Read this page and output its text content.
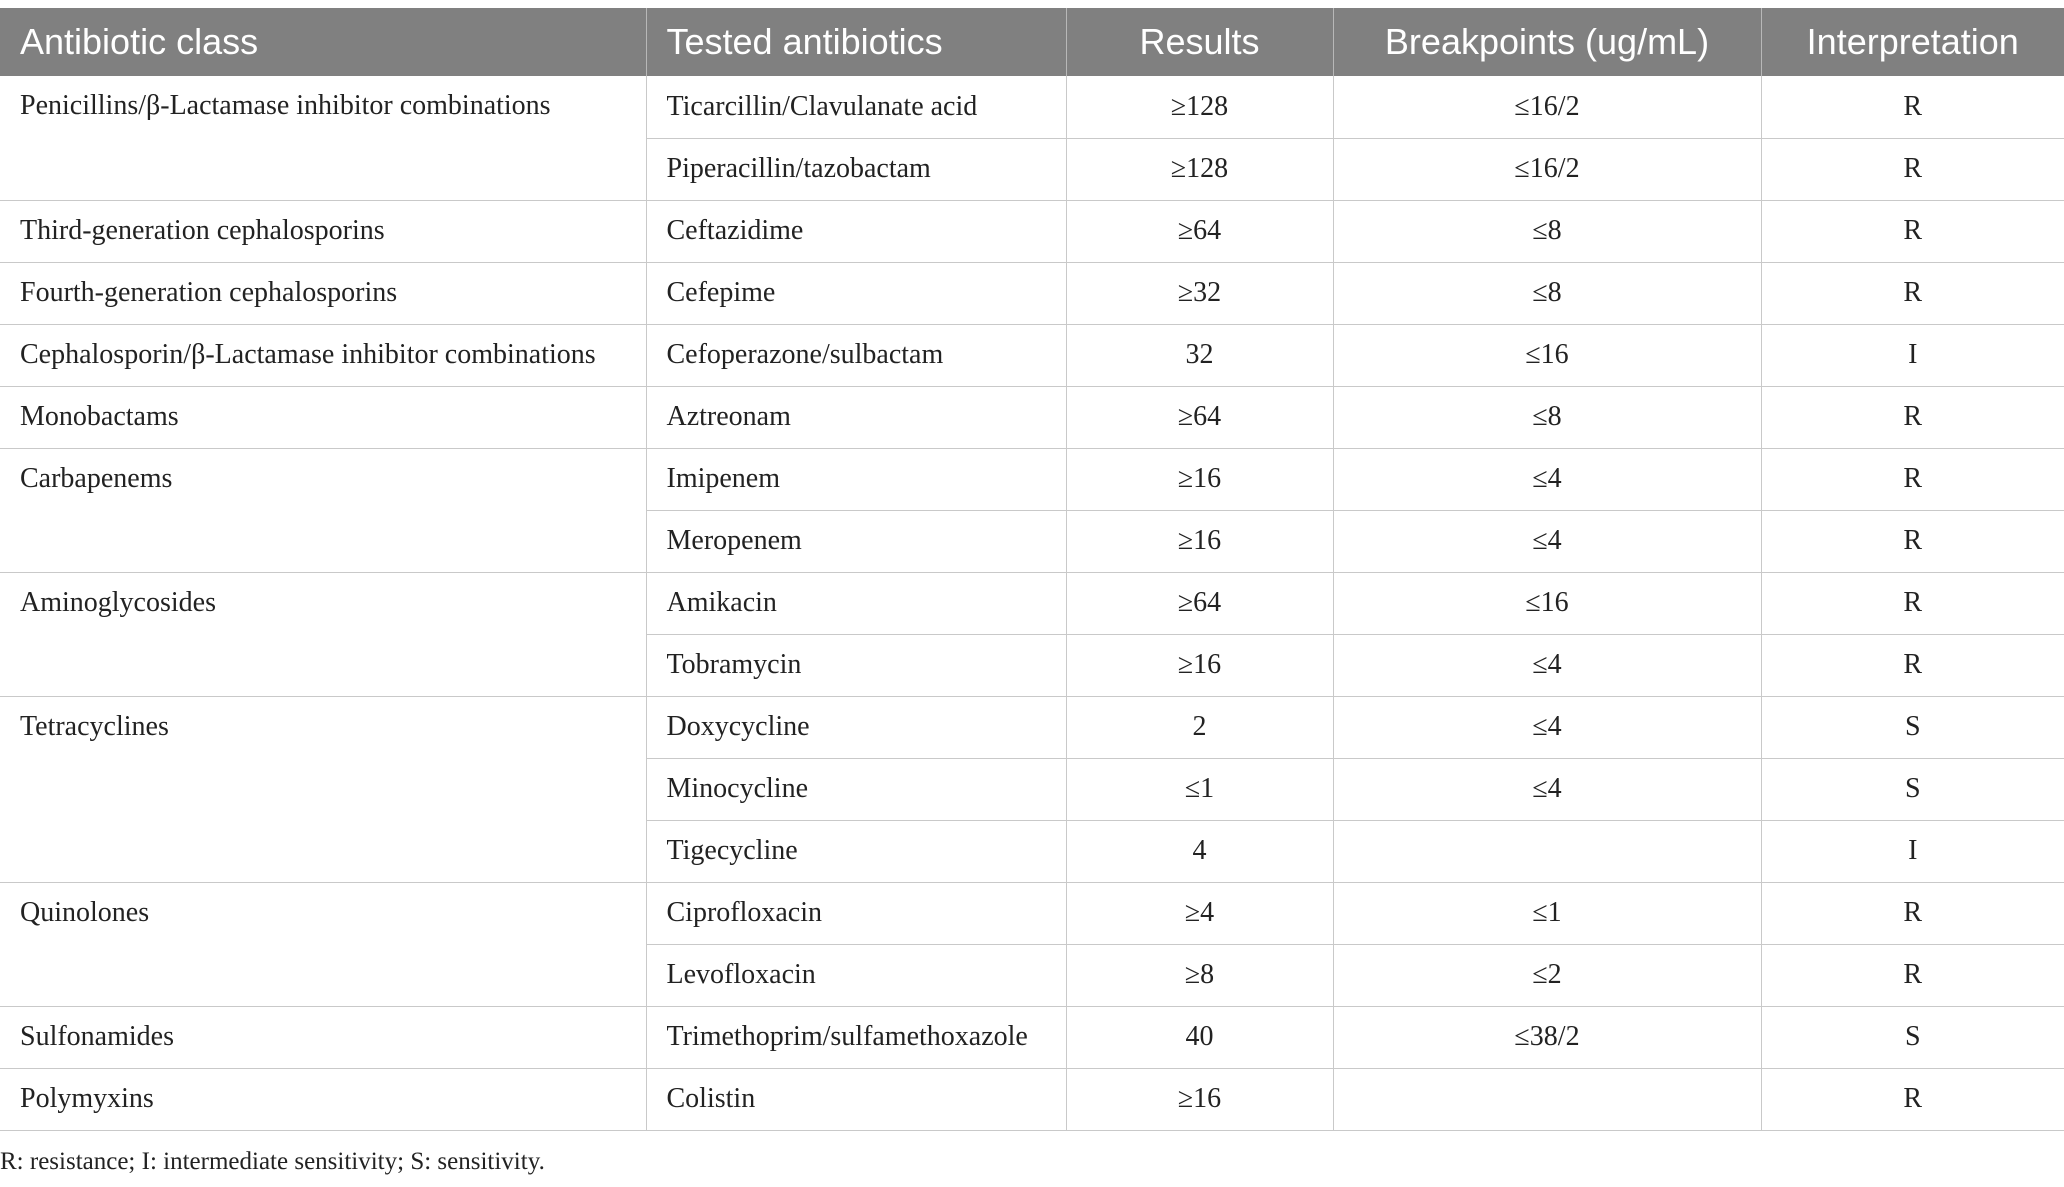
Antibiotic class	Tested antibiotics	Results	Breakpoints (ug/mL)	Interpretation
Penicillins/β-Lactamase inhibitor combinations	Ticarcillin/Clavulanate acid	≥128	≤16/2	R
	Piperacillin/tazobactam	≥128	≤16/2	R
Third-generation cephalosporins	Ceftazidime	≥64	≤8	R
Fourth-generation cephalosporins	Cefepime	≥32	≤8	R
Cephalosporin/β-Lactamase inhibitor combinations	Cefoperazone/sulbactam	32	≤16	I
Monobactams	Aztreonam	≥64	≤8	R
Carbapenems	Imipenem	≥16	≤4	R
	Meropenem	≥16	≤4	R
Aminoglycosides	Amikacin	≥64	≤16	R
	Tobramycin	≥16	≤4	R
Tetracyclines	Doxycycline	2	≤4	S
	Minocycline	≤1	≤4	S
	Tigecycline	4		I
Quinolones	Ciprofloxacin	≥4	≤1	R
	Levofloxacin	≥8	≤2	R
Sulfonamides	Trimethoprim/sulfamethoxazole	40	≤38/2	S
Polymyxins	Colistin	≥16		R
R: resistance; I: intermediate sensitivity; S: sensitivity.
